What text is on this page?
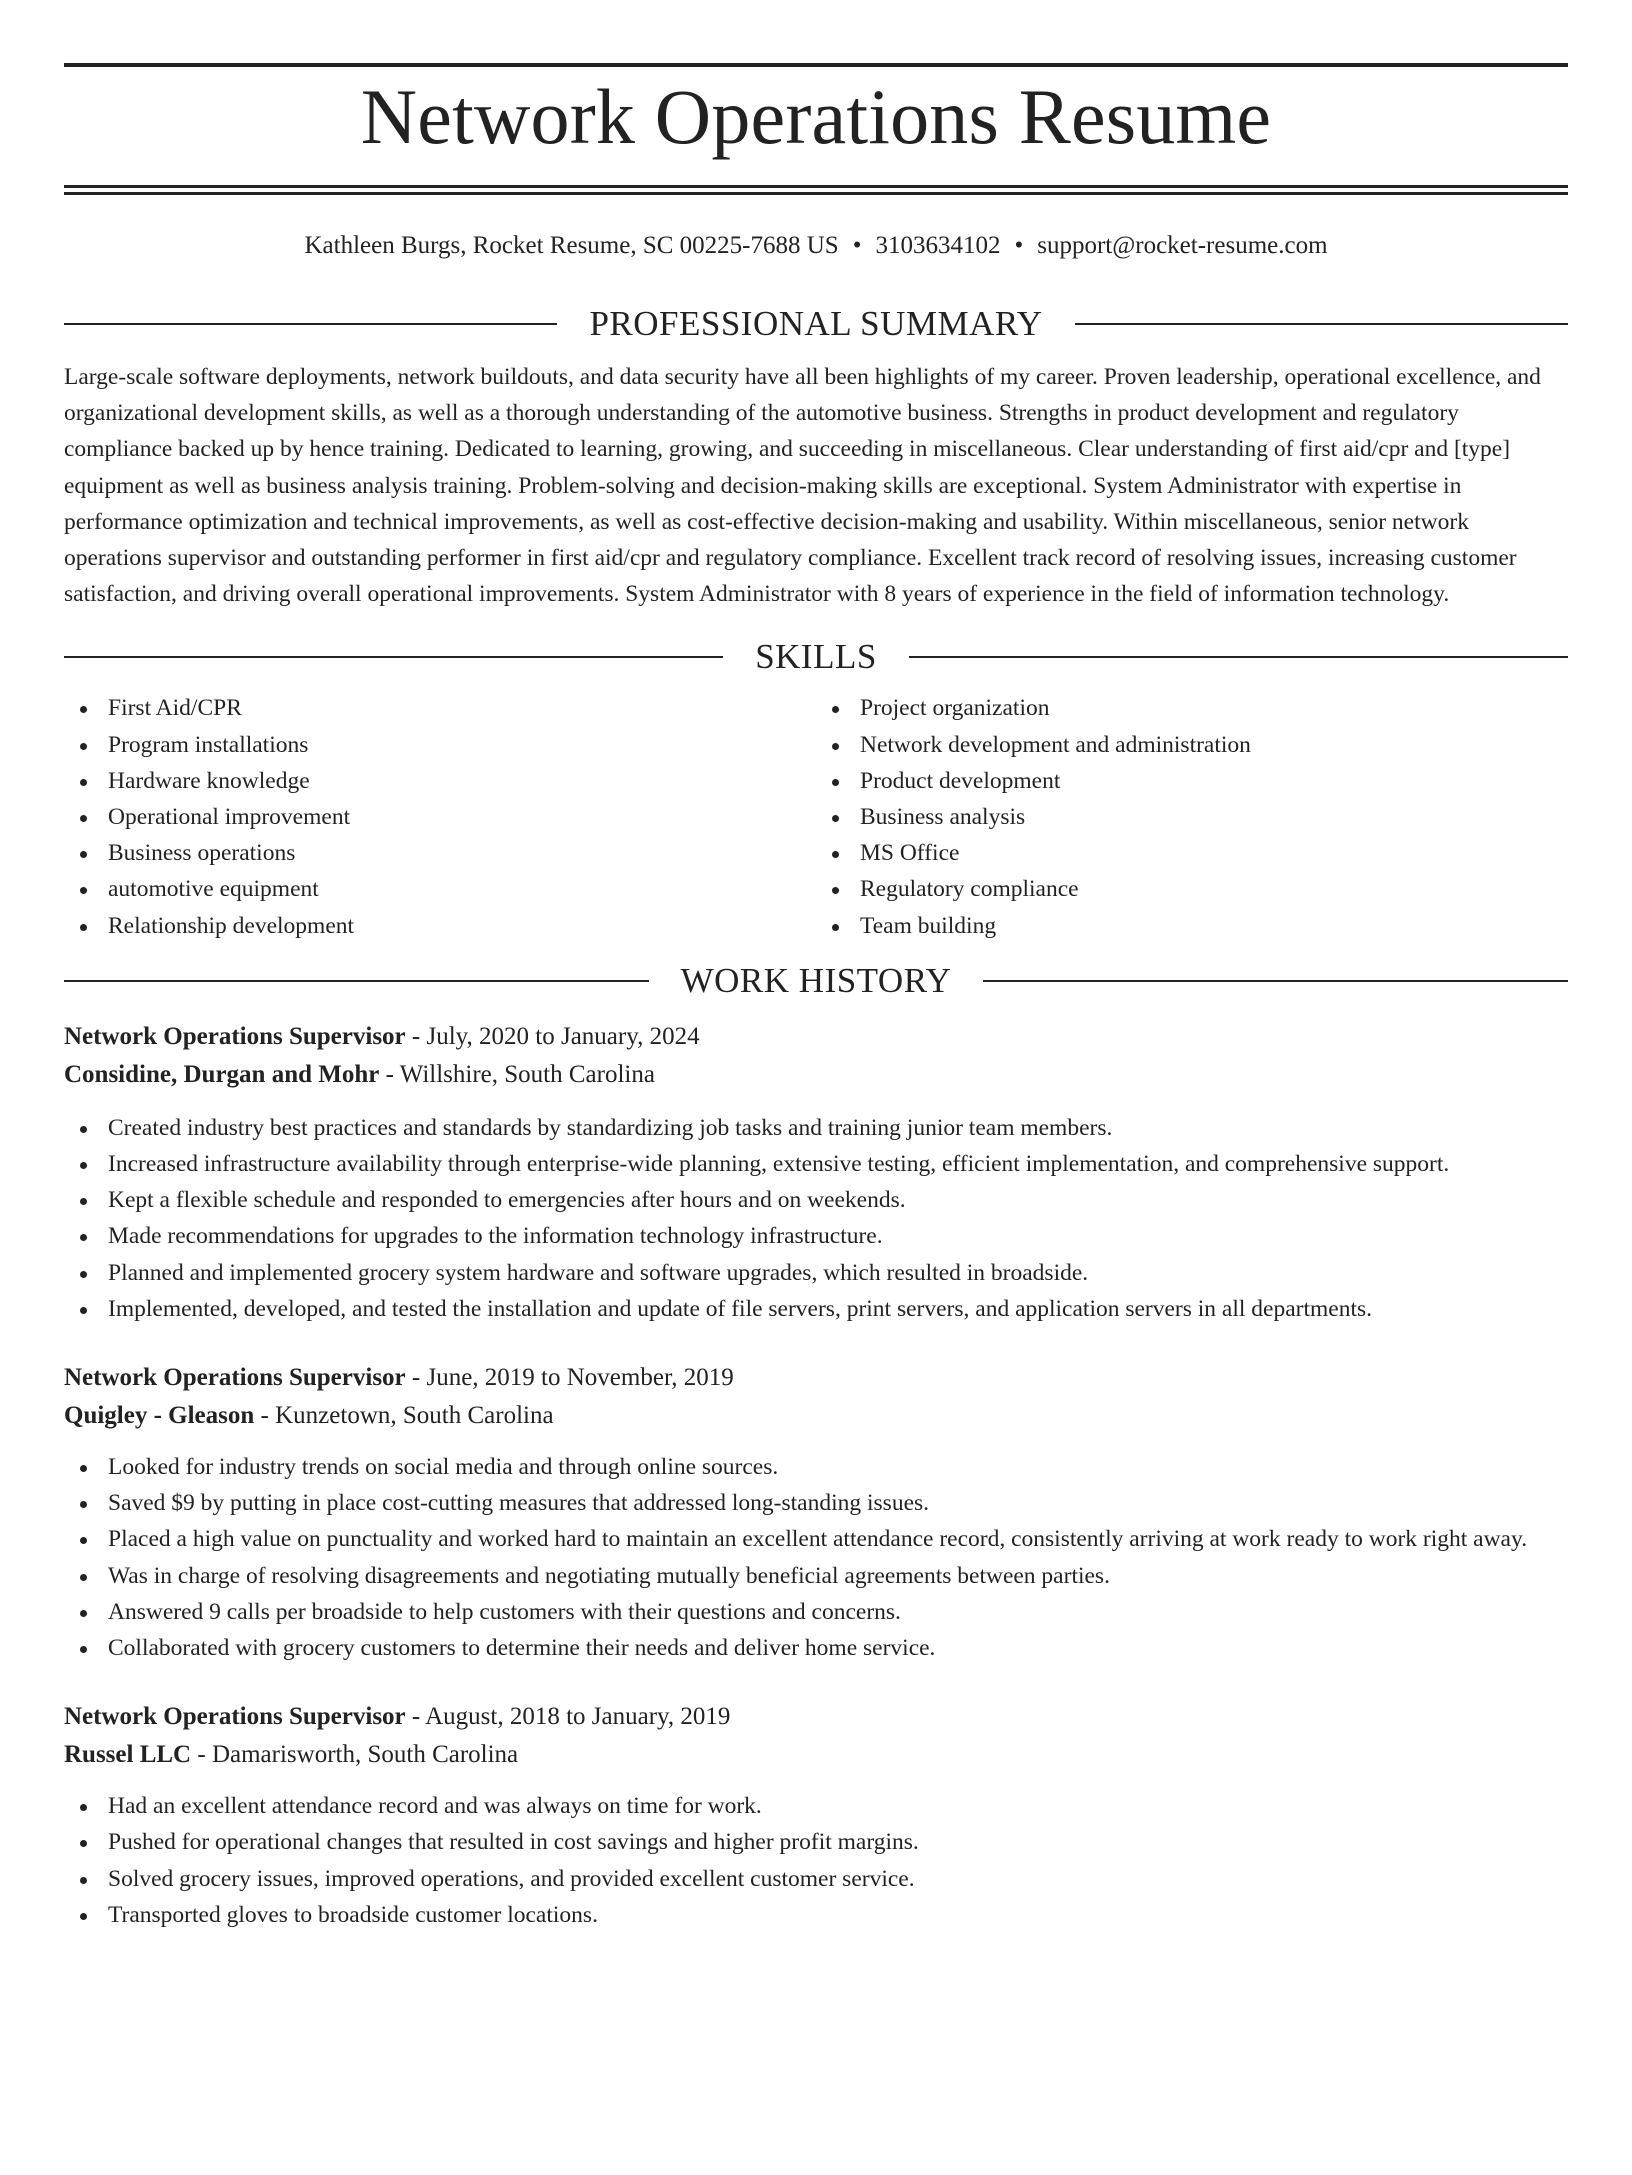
Network Operations Resume
Kathleen Burgs, Rocket Resume, SC 00225-7688 US • 3103634102 • support@rocket-resume.com
PROFESSIONAL SUMMARY

Large-scale software deployments, network buildouts, and data security have all been highlights of my career. Proven leadership, operational excellence, and organizational development skills, as well as a thorough understanding of the automotive business. Strengths in product development and regulatory compliance backed up by hence training. Dedicated to learning, growing, and succeeding in miscellaneous. Clear understanding of first aid/cpr and [type] equipment as well as business analysis training. Problem-solving and decision-making skills are exceptional. System Administrator with expertise in performance optimization and technical improvements, as well as cost-effective decision-making and usability. Within miscellaneous, senior network operations supervisor and outstanding performer in first aid/cpr and regulatory compliance. Excellent track record of resolving issues, increasing customer satisfaction, and driving overall operational improvements. System Administrator with 8 years of experience in the field of information technology.

SKILLS
First Aid/CPR
Program installations
Hardware knowledge
Operational improvement
Business operations
automotive equipment
Relationship development
Project organization
Network development and administration
Product development
Business analysis
MS Office
Regulatory compliance
Team building
WORK HISTORY
Network Operations Supervisor - July, 2020 to January, 2024
Considine, Durgan and Mohr - Willshire, South Carolina
Created industry best practices and standards by standardizing job tasks and training junior team members.
Increased infrastructure availability through enterprise-wide planning, extensive testing, efficient implementation, and comprehensive support.
Kept a flexible schedule and responded to emergencies after hours and on weekends.
Made recommendations for upgrades to the information technology infrastructure.
Planned and implemented grocery system hardware and software upgrades, which resulted in broadside.
Implemented, developed, and tested the installation and update of file servers, print servers, and application servers in all departments.
Network Operations Supervisor - June, 2019 to November, 2019
Quigley - Gleason - Kunzetown, South Carolina
Looked for industry trends on social media and through online sources.
Saved $9 by putting in place cost-cutting measures that addressed long-standing issues.
Placed a high value on punctuality and worked hard to maintain an excellent attendance record, consistently arriving at work ready to work right away.
Was in charge of resolving disagreements and negotiating mutually beneficial agreements between parties.
Answered 9 calls per broadside to help customers with their questions and concerns.
Collaborated with grocery customers to determine their needs and deliver home service.
Network Operations Supervisor - August, 2018 to January, 2019
Russel LLC - Damarisworth, South Carolina
Had an excellent attendance record and was always on time for work.
Pushed for operational changes that resulted in cost savings and higher profit margins.
Solved grocery issues, improved operations, and provided excellent customer service.
Transported gloves to broadside customer locations.
